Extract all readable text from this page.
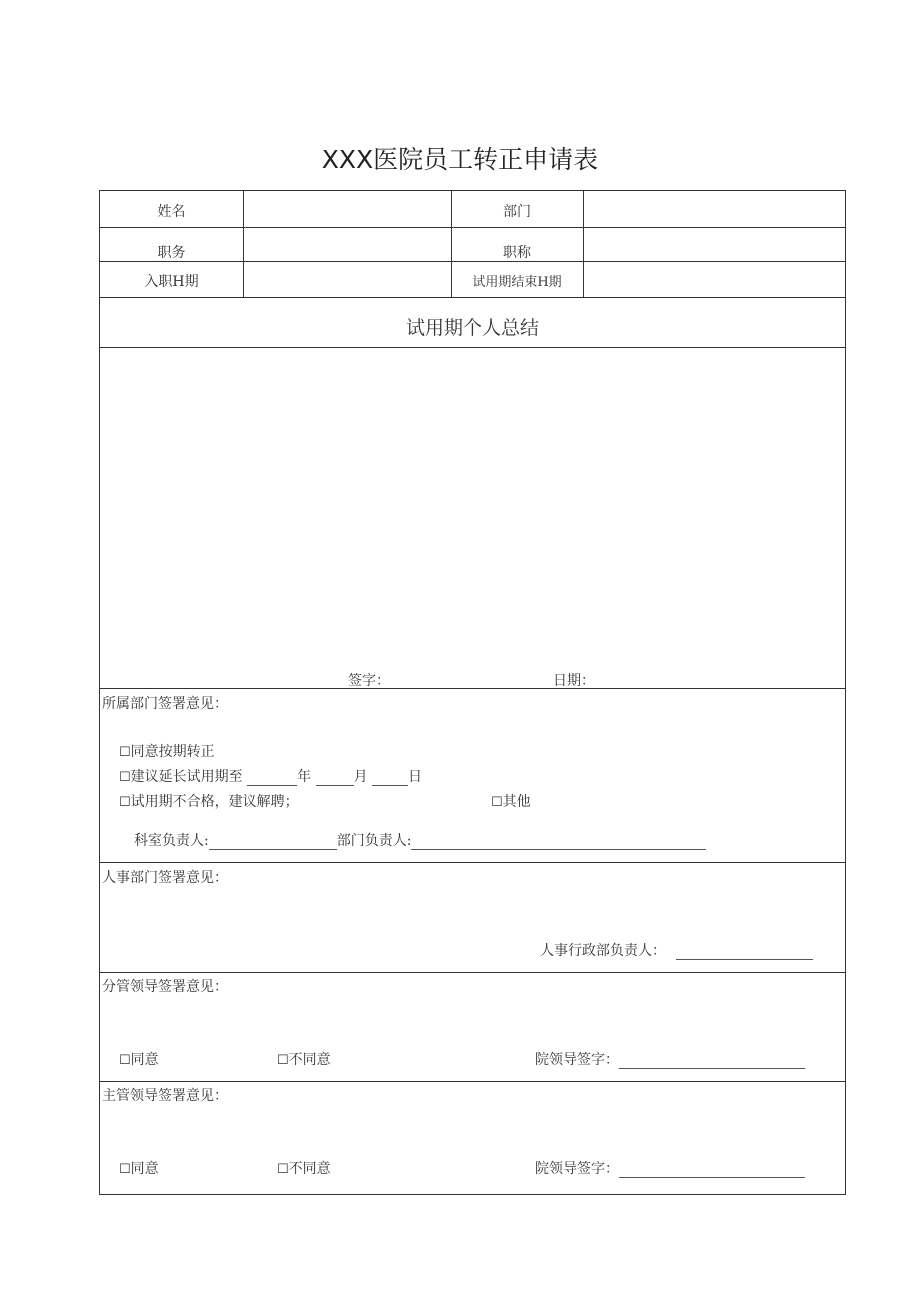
XXX医院员工转正申请表
姓名	部门
职务	职称
入职H期	试用期结束H期
试用期个人总结
签字：	日期：
所属部门签署意见：
☐同意按期转正
☐建议延长试用期至	年	月	日
☐试用期不合格，建议解聘；	☐其他
科室负责人:	部门负责人:
人事部门签署意见：
人事行政部负责人：
分管领导签署意见：
☐同意	☐不同意	院领导签字：
主管领导签署意见：
☐同意	☐不同意	院领导签字：
